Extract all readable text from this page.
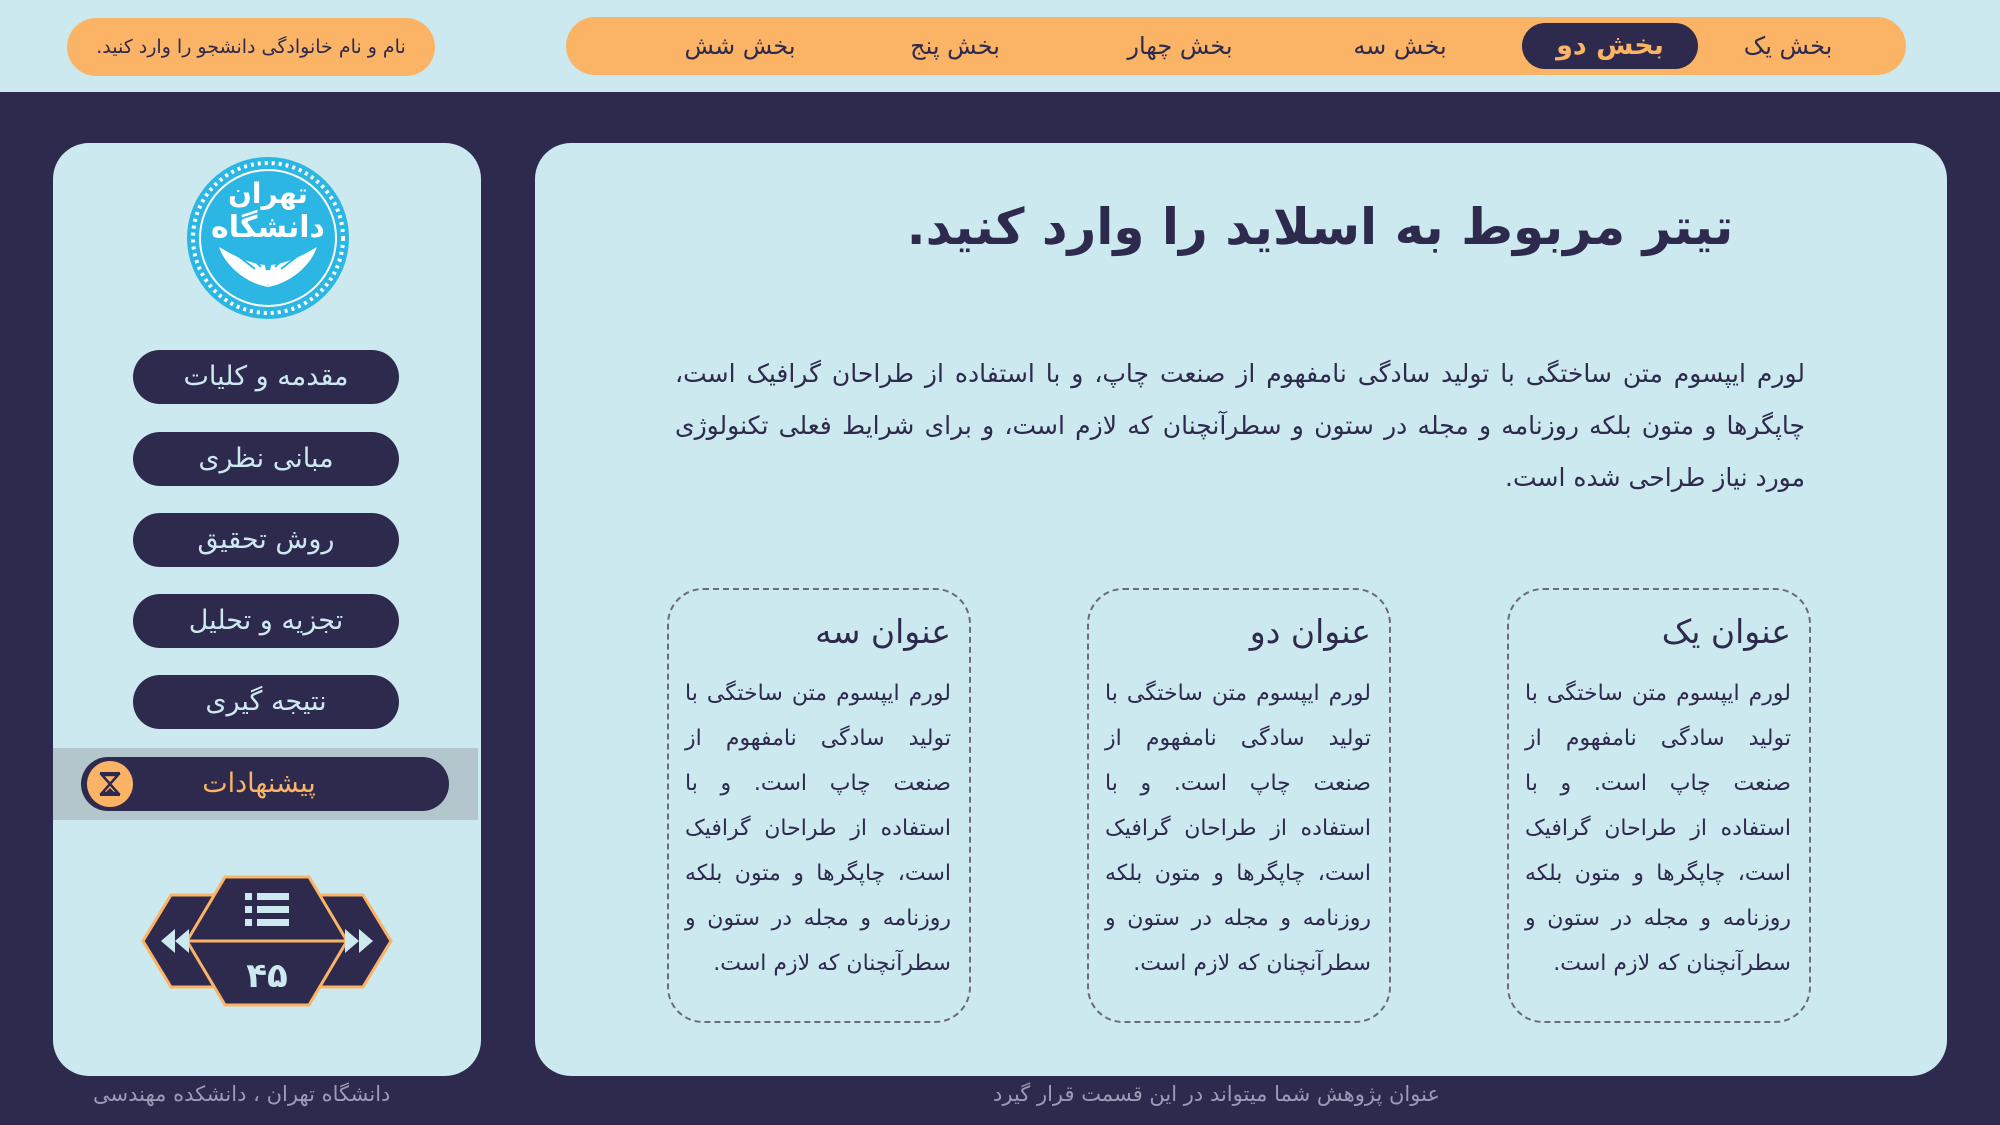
بخش یک
بخش دو
بخش سه
بخش چهار
بخش پنج
بخش شش
نام و نام خانوادگی دانشجو را وارد کنید.
تهران
دانشگاه
مقدمه و کلیات
مبانی نظری
روش تحقیق
تجزیه و تحلیل
نتیجه گیری
پیشنهادات
۴۵
تیتر مربوط به اسلاید را وارد کنید.
لورم ایپسوم متن ساختگی با تولید سادگی نامفهوم از صنعت چاپ، و با استفاده از طراحان گرافیک است، چاپگرها و متون بلکه روزنامه و مجله در ستون و سطرآنچنان که لازم است، و برای شرایط فعلی تکنولوژی مورد نیاز طراحی شده است.
عنوان یک
لورم ایپسوم متن ساختگی با تولید سادگی نامفهوم از صنعت چاپ است. و با استفاده از طراحان گرافیک است، چاپگرها و متون بلکه روزنامه و مجله در ستون و سطرآنچنان که لازم است.
عنوان دو
لورم ایپسوم متن ساختگی با تولید سادگی نامفهوم از صنعت چاپ است. و با استفاده از طراحان گرافیک است، چاپگرها و متون بلکه روزنامه و مجله در ستون و سطرآنچنان که لازم است.
عنوان سه
لورم ایپسوم متن ساختگی با تولید سادگی نامفهوم از صنعت چاپ است. و با استفاده از طراحان گرافیک است، چاپگرها و متون بلکه روزنامه و مجله در ستون و سطرآنچنان که لازم است.
دانشگاه تهران ، دانشکده مهندسی	عنوان پژوهش شما میتواند در این قسمت قرار گیرد
